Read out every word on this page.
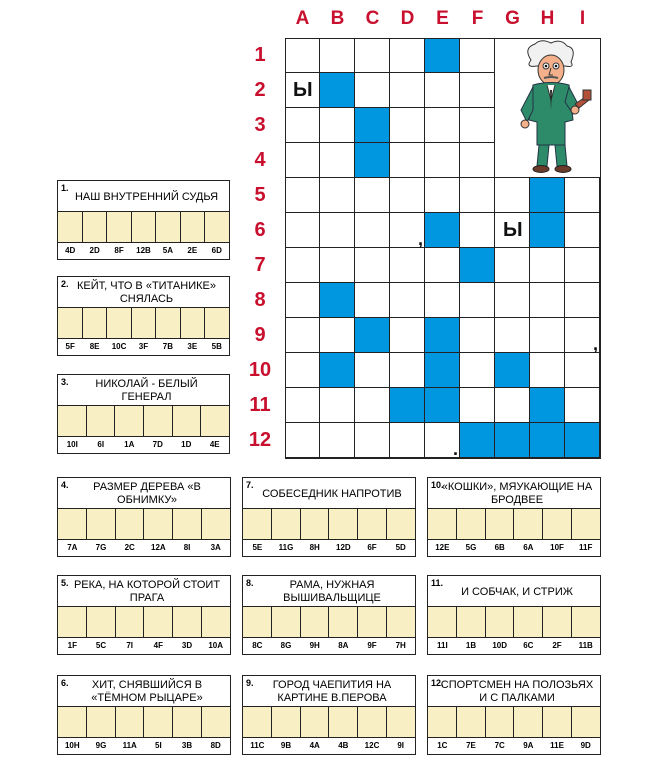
A	B	C	D	E	F	G	H	I
1
2
3
4
5
6
7
8
9
10
11
12
Ы
Ы
,
,
.
1.
НАШ ВНУТРЕННИЙ СУДЬЯ
4D	2D	8F	12B	5A	2E	6D
2. КЕЙТ, ЧТО В «ТИТАНИКЕ» СНЯЛАСЬ
5F	8E	10C	3F	7B	3E	5B
3.	НИКОЛАЙ - БЕЛЫЙ ГЕНЕРАЛ
10I	6I	1A	7D	1D	4E
4.	РАЗМЕР ДЕРЕВА «В ОБНИМКУ»
7A	7G	2C	12A	8I	3A
7.
СОБЕСЕДНИК НАПРОТИВ
5E	11G	8H	12D	6F	5D
10.
«КОШКИ», МЯУКАЮЩИЕ НА БРОДВЕЕ
12E	5G	6B	6A	10F	11F
5. РЕКА, НА КОТОРОЙ СТОИТ ПРАГА
1F	5C	7I	4F	3D	10A
8.	РАМА, НУЖНАЯ ВЫШИВАЛЬЩИЦЕ
8C	8G	9H	8A	9F	7H
11.
И СОБЧАК, И СТРИЖ
11I	1B	10D	6C	2F	11B
6.	ХИТ, СНЯВШИЙСЯ В «ТЁМНОМ РЫЦАРЕ»
10H	9G	11A	5I	3B	8D
9.	ГОРОД ЧАЕПИТИЯ НА КАРТИНЕ В.ПЕРОВА
11C	9B	4A	4B	12C	9I
12.
СПОРТСМЕН НА ПОЛОЗЬЯХ И С ПАЛКАМИ
1C	7E	7C	9A	11E	9D
